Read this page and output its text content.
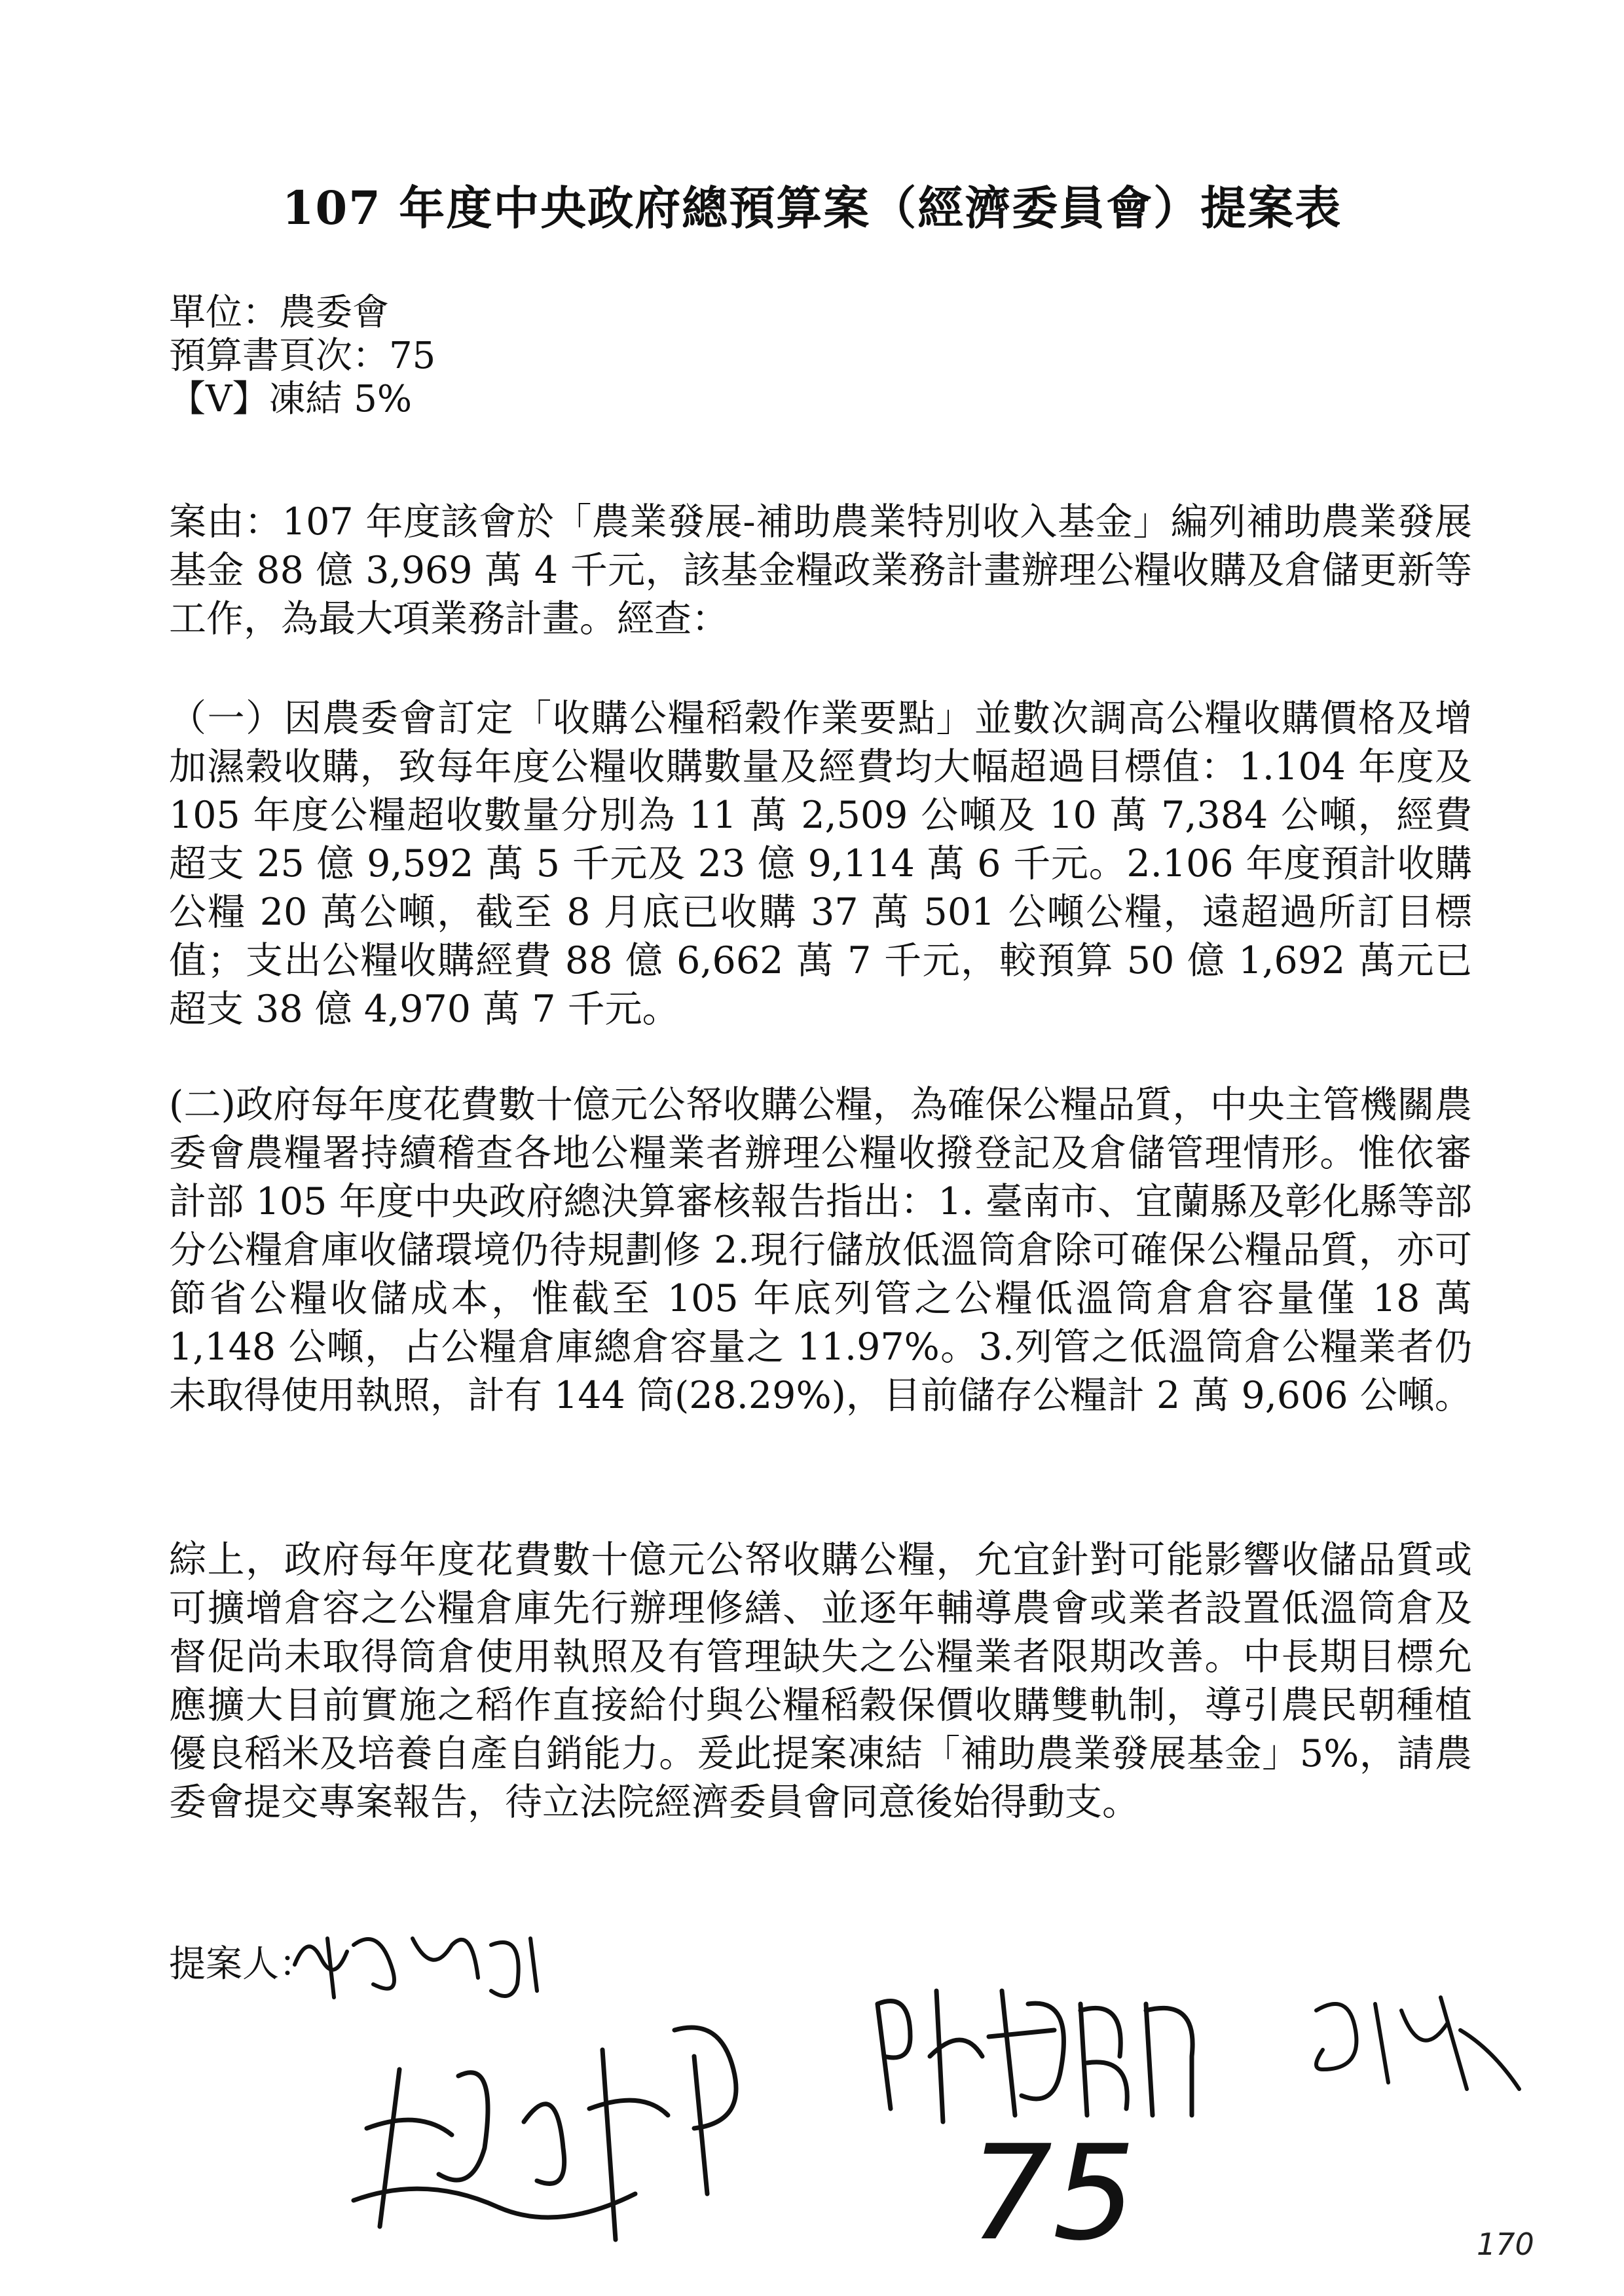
107 年度中央政府總預算案（經濟委員會）提案表
單位：農委會
預算書頁次：75
【V】凍結 5%
案由：107 年度該會於「農業發展-補助農業特別收入基金」編列補助農業發展基金 88 億 3,969 萬 4 千元，該基金糧政業務計畫辦理公糧收購及倉儲更新等工作，為最大項業務計畫。經查：
（一）因農委會訂定「收購公糧稻穀作業要點」並數次調高公糧收購價格及增加濕穀收購，致每年度公糧收購數量及經費均大幅超過目標值：1.104 年度及 105 年度公糧超收數量分別為 11 萬 2,509 公噸及 10 萬 7,384 公噸，經費超支 25 億 9,592 萬 5 千元及 23 億 9,114 萬 6 千元。2.106 年度預計收購公糧 20 萬公噸，截至 8 月底已收購 37 萬 501 公噸公糧，遠超過所訂目標值；支出公糧收購經費 88 億 6,662 萬 7 千元，較預算 50 億 1,692 萬元已超支 38 億 4,970 萬 7 千元。
(二)政府每年度花費數十億元公帑收購公糧，為確保公糧品質，中央主管機關農委會農糧署持續稽查各地公糧業者辦理公糧收撥登記及倉儲管理情形。惟依審計部 105 年度中央政府總決算審核報告指出：1. 臺南市、宜蘭縣及彰化縣等部分公糧倉庫收儲環境仍待規劃修 2.現行儲放低溫筒倉除可確保公糧品質，亦可節省公糧收儲成本，惟截至 105 年底列管之公糧低溫筒倉倉容量僅 18 萬 1,148 公噸，占公糧倉庫總倉容量之 11.97%。3.列管之低溫筒倉公糧業者仍未取得使用執照，計有 144 筒(28.29%)，目前儲存公糧計 2 萬 9,606 公噸。
綜上，政府每年度花費數十億元公帑收購公糧，允宜針對可能影響收儲品質或可擴增倉容之公糧倉庫先行辦理修繕、並逐年輔導農會或業者設置低溫筒倉及督促尚未取得筒倉使用執照及有管理缺失之公糧業者限期改善。中長期目標允應擴大目前實施之稻作直接給付與公糧稻穀保價收購雙軌制，導引農民朝種植優良稻米及培養自產自銷能力。爰此提案凍結「補助農業發展基金」5%，請農委會提交專案報告，待立法院經濟委員會同意後始得動支。
提案人：
75	170
